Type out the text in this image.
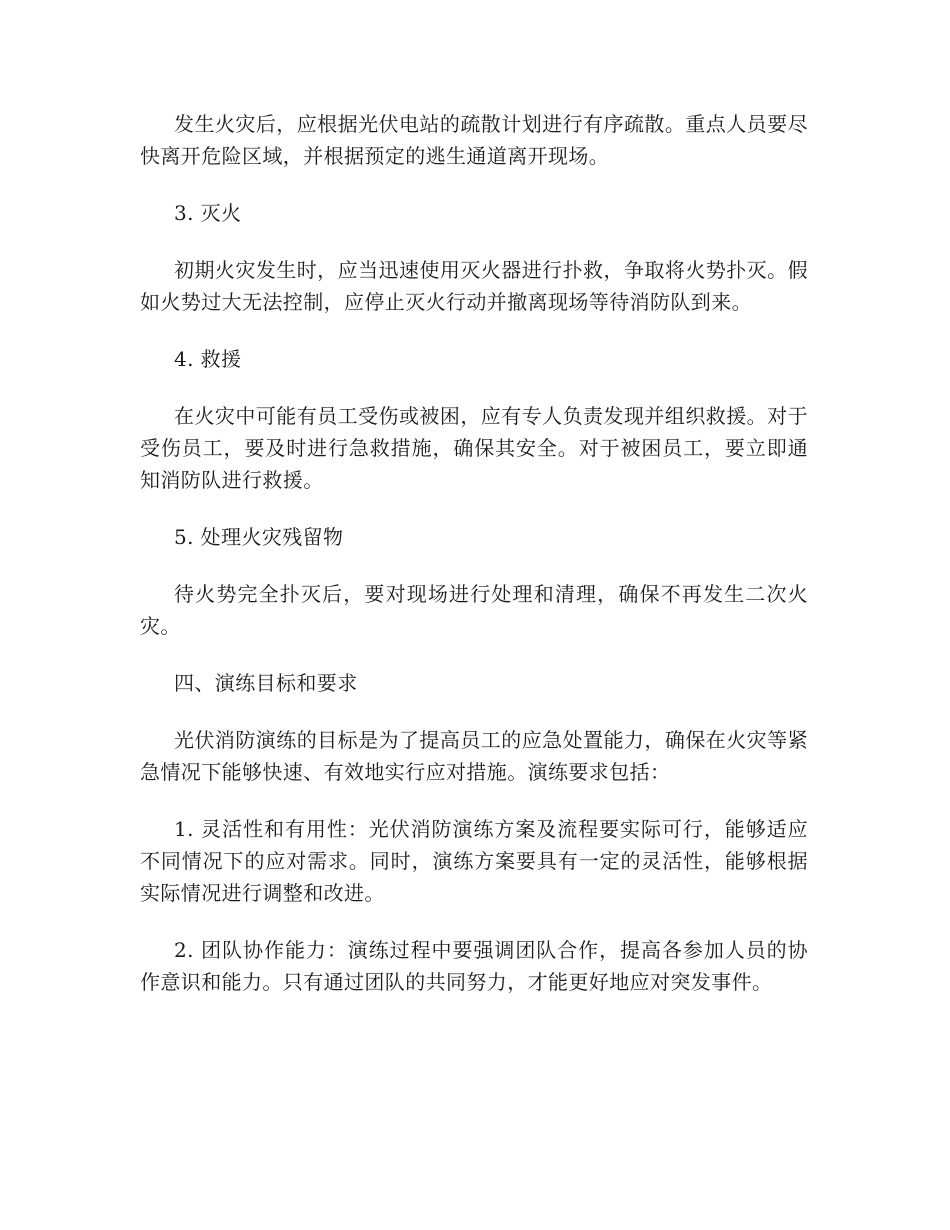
发生火灾后，应根据光伏电站的疏散计划进行有序疏散。重点人员要尽快离开危险区域，并根据预定的逃生通道离开现场。

3. 灭火

初期火灾发生时，应当迅速使用灭火器进行扑救，争取将火势扑灭。假如火势过大无法控制，应停止灭火行动并撤离现场等待消防队到来。

4. 救援

在火灾中可能有员工受伤或被困，应有专人负责发现并组织救援。对于受伤员工，要及时进行急救措施，确保其安全。对于被困员工，要立即通知消防队进行救援。

5. 处理火灾残留物

待火势完全扑灭后，要对现场进行处理和清理，确保不再发生二次火灾。

四、演练目标和要求

光伏消防演练的目标是为了提高员工的应急处置能力，确保在火灾等紧急情况下能够快速、有效地实行应对措施。演练要求包括：

1. 灵活性和有用性：光伏消防演练方案及流程要实际可行，能够适应不同情况下的应对需求。同时，演练方案要具有一定的灵活性，能够根据实际情况进行调整和改进。

2. 团队协作能力：演练过程中要强调团队合作，提高各参加人员的协作意识和能力。只有通过团队的共同努力，才能更好地应对突发事件。
